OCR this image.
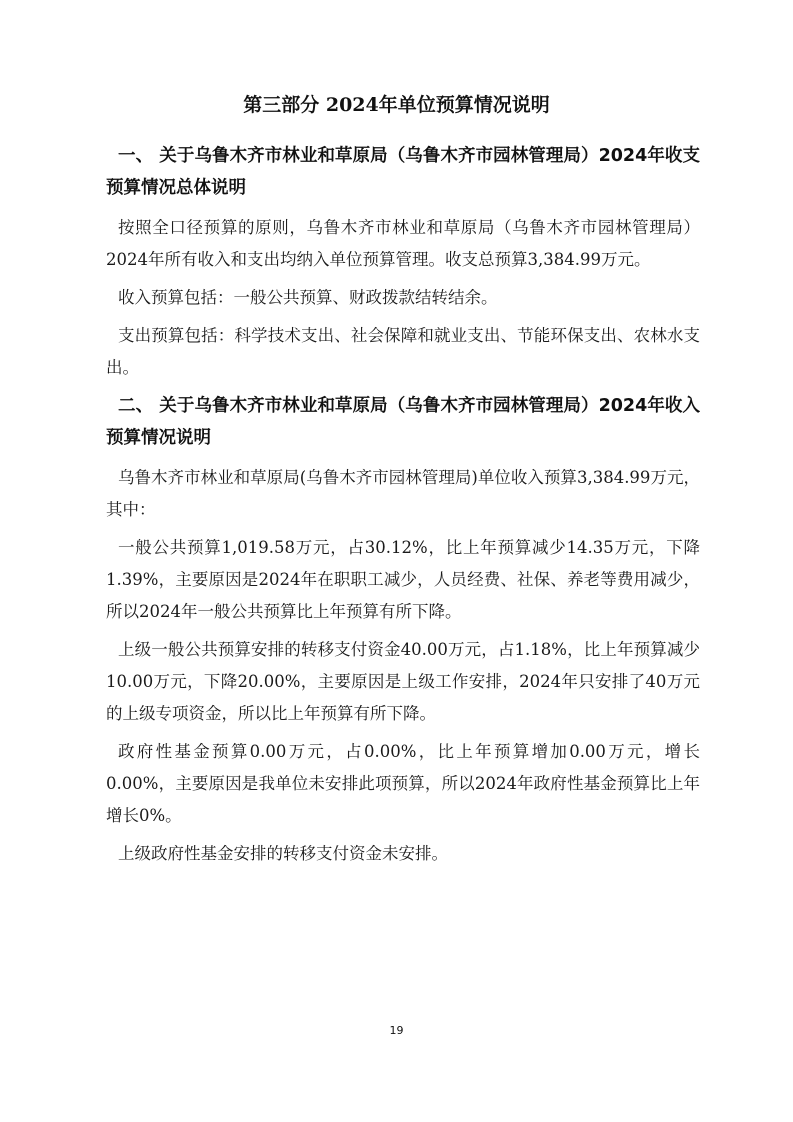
第三部分 2024年单位预算情况说明
一、 关于乌鲁木齐市林业和草原局（乌鲁木齐市园林管理局）2024年收支预算情况总体说明

按照全口径预算的原则，乌鲁木齐市林业和草原局（乌鲁木齐市园林管理局）2024年所有收入和支出均纳入单位预算管理。收支总预算3,384.99万元。

收入预算包括：一般公共预算、财政拨款结转结余。

支出预算包括：科学技术支出、社会保障和就业支出、节能环保支出、农林水支出。

二、 关于乌鲁木齐市林业和草原局（乌鲁木齐市园林管理局）2024年收入预算情况说明

乌鲁木齐市林业和草原局(乌鲁木齐市园林管理局)单位收入预算3,384.99万元，其中：

一般公共预算1,019.58万元，占30.12%，比上年预算减少14.35万元，下降1.39%，主要原因是2024年在职职工减少，人员经费、社保、养老等费用减少，所以2024年一般公共预算比上年预算有所下降。

上级一般公共预算安排的转移支付资金40.00万元，占1.18%，比上年预算减少10.00万元，下降20.00%，主要原因是上级工作安排，2024年只安排了40万元的上级专项资金，所以比上年预算有所下降。

政府性基金预算0.00万元，占0.00%，比上年预算增加0.00万元，增长0.00%，主要原因是我单位未安排此项预算，所以2024年政府性基金预算比上年增长0%。

上级政府性基金安排的转移支付资金未安排。

19
